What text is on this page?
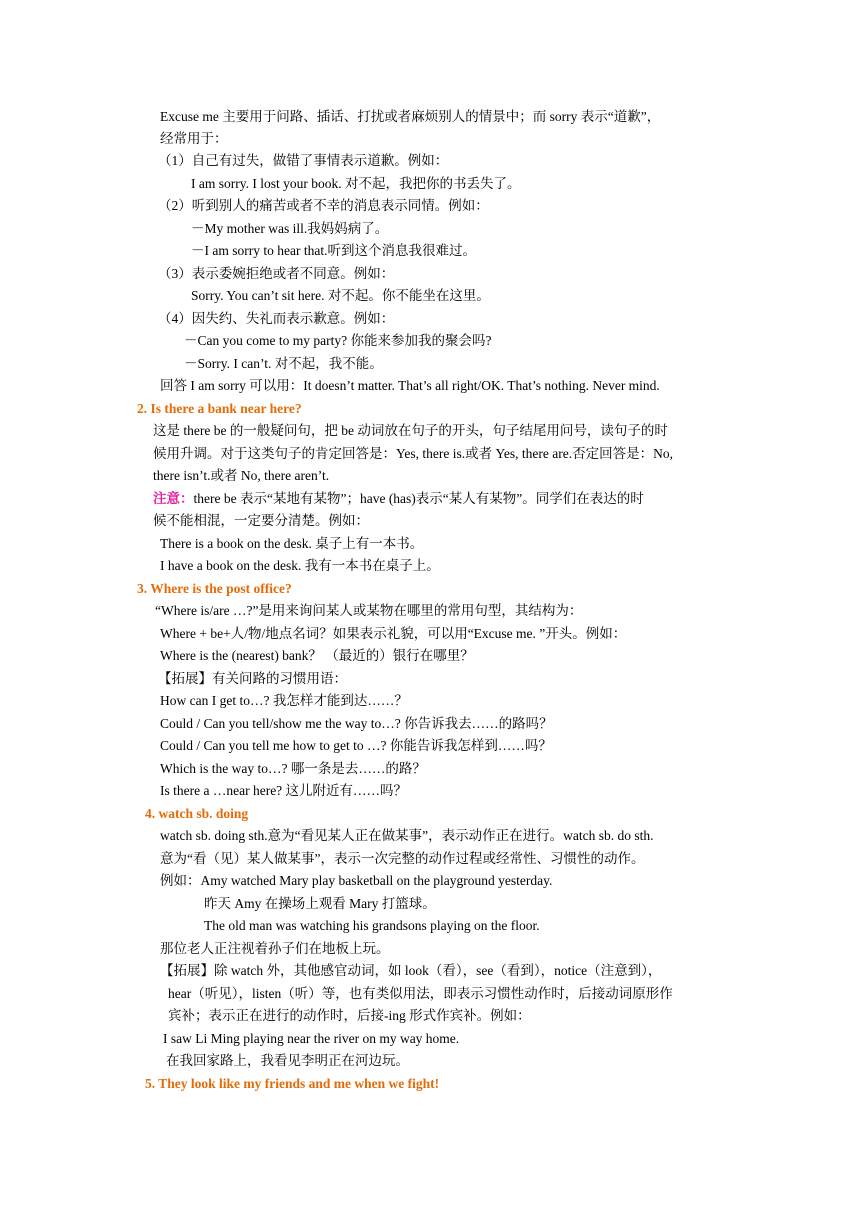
Excuse me 主要用于问路、插话、打扰或者麻烦别人的情景中；而 sorry 表示“道歉”，
经常用于：
（1）自己有过失，做错了事情表示道歉。例如：
I am sorry. I lost your book. 对不起，我把你的书丢失了。
（2）听到别人的痛苦或者不幸的消息表示同情。例如：
－My mother was ill.我妈妈病了。
－I am sorry to hear that.听到这个消息我很难过。
（3）表示委婉拒绝或者不同意。例如：
Sorry. You can’t sit here. 对不起。你不能坐在这里。
（4）因失约、失礼而表示歉意。例如：
－Can you come to my party? 你能来参加我的聚会吗?
－Sorry. I can’t. 对不起，我不能。
回答 I am sorry 可以用：It doesn’t matter. That’s all right/OK. That’s nothing. Never mind.
2. Is there a bank near here?
这是 there be 的一般疑问句，把 be 动词放在句子的开头，句子结尾用问号，读句子的时
候用升调。对于这类句子的肯定回答是：Yes, there is.或者 Yes, there are.否定回答是：No,
there isn’t.或者 No, there aren’t.
注意：there be 表示“某地有某物”；have (has)表示“某人有某物”。同学们在表达的时
候不能相混，一定要分清楚。例如：
There is a book on the desk. 桌子上有一本书。
I have a book on the desk. 我有一本书在桌子上。
3. Where is the post office?
“Where is/are …?”是用来询问某人或某物在哪里的常用句型，其结构为：
Where + be+人/物/地点名词？如果表示礼貌，可以用“Excuse me. ”开头。例如：
Where is the (nearest) bank？ （最近的）银行在哪里？
【拓展】有关问路的习惯用语：
How can I get to…? 我怎样才能到达……？
Could / Can you tell/show me the way to…? 你告诉我去……的路吗？
Could / Can you tell me how to get to …? 你能告诉我怎样到……吗？
Which is the way to…? 哪一条是去……的路？
Is there a …near here? 这儿附近有……吗？
4. watch sb. doing
watch sb. doing sth.意为“看见某人正在做某事”，表示动作正在进行。watch sb. do sth.
意为“看（见）某人做某事”，表示一次完整的动作过程或经常性、习惯性的动作。
例如：Amy watched Mary play basketball on the playground yesterday.
昨天 Amy 在操场上观看 Mary 打篮球。
The old man was watching his grandsons playing on the floor.
那位老人正注视着孙子们在地板上玩。
【拓展】除 watch 外，其他感官动词，如 look（看），see（看到），notice（注意到），
hear（听见），listen（听）等，也有类似用法，即表示习惯性动作时，后接动词原形作
宾补；表示正在进行的动作时，后接-ing 形式作宾补。例如：
I saw Li Ming playing near the river on my way home.
在我回家路上，我看见李明正在河边玩。
5. They look like my friends and me when we fight!
